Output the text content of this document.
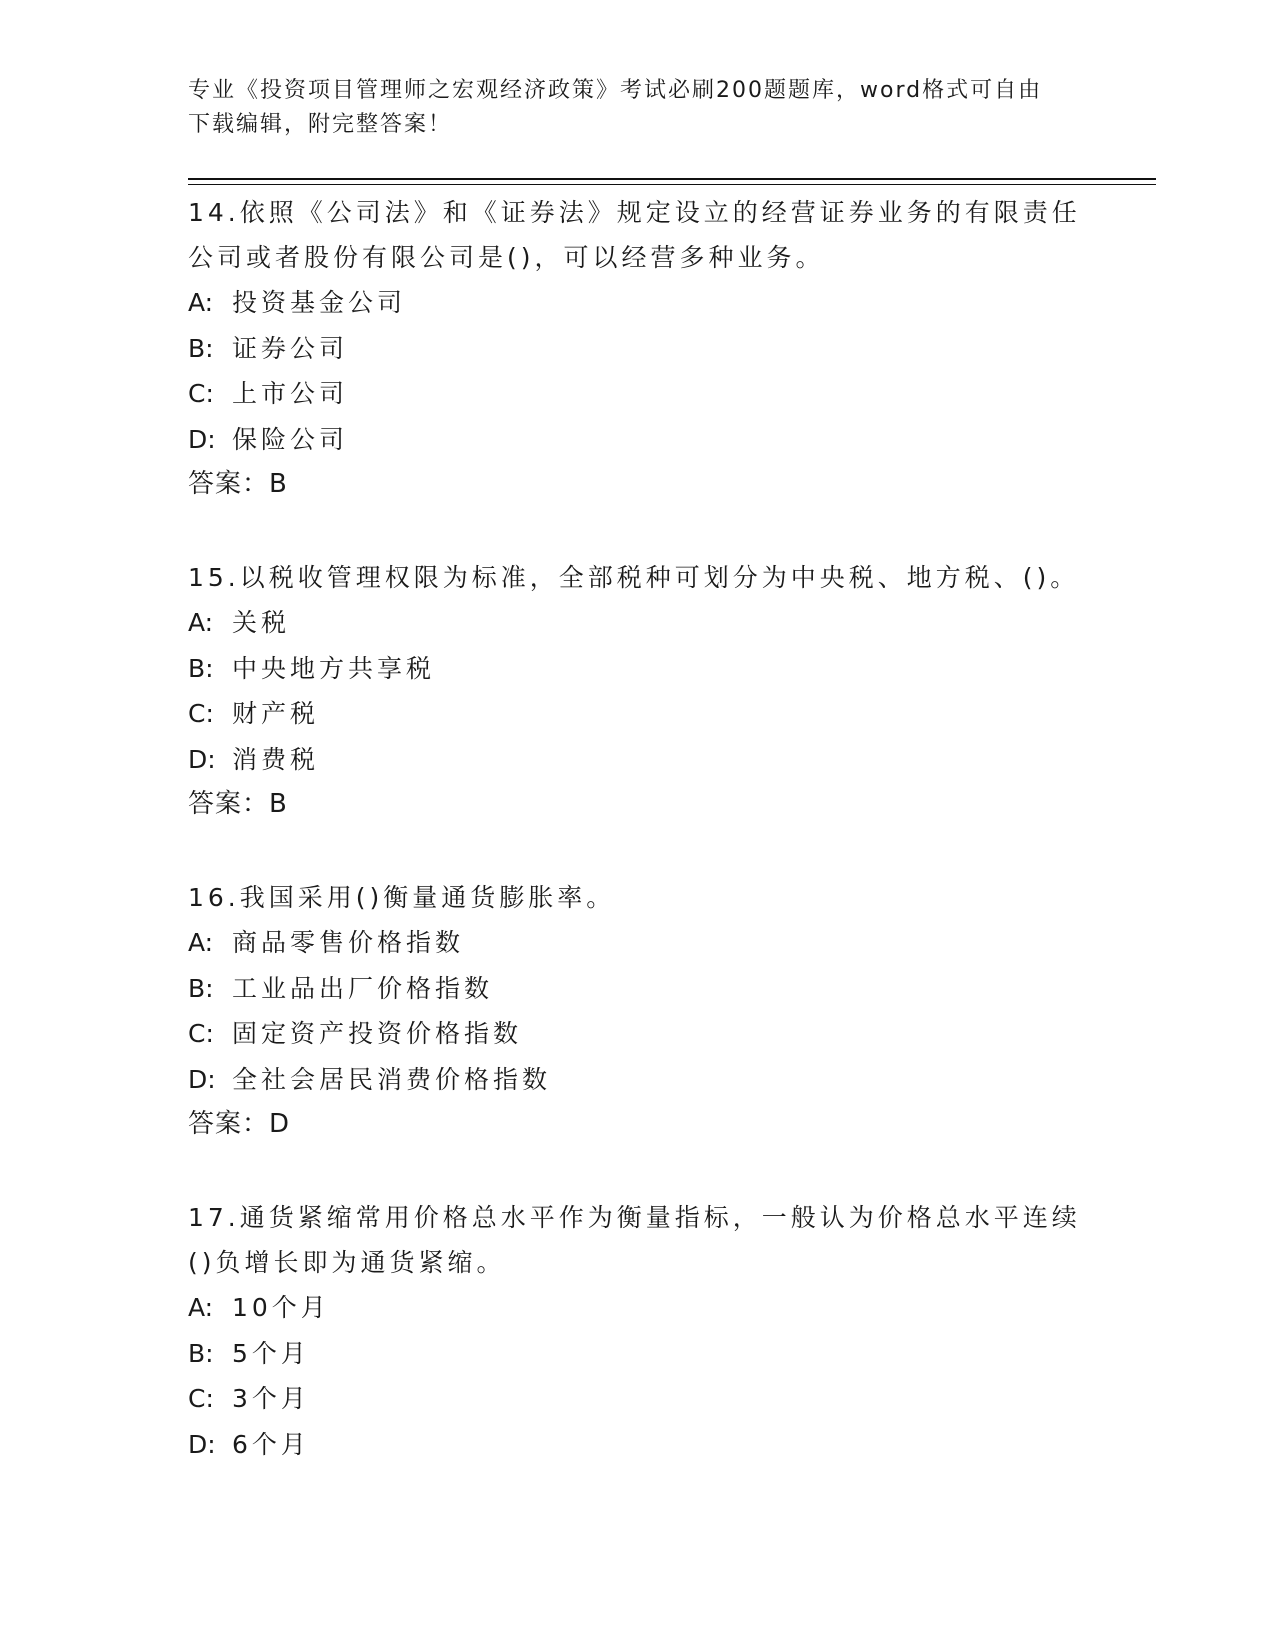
专业《投资项目管理师之宏观经济政策》考试必刷200题题库，word格式可自由
下载编辑，附完整答案！
14.依照《公司法》和《证券法》规定设立的经营证券业务的有限责任
公司或者股份有限公司是()，可以经营多种业务。
A: 投资基金公司
B: 证券公司
C: 上市公司
D: 保险公司
答案：B
15.以税收管理权限为标准，全部税种可划分为中央税、地方税、()。
A: 关税
B: 中央地方共享税
C: 财产税
D: 消费税
答案：B
16.我国采用()衡量通货膨胀率。
A: 商品零售价格指数
B: 工业品出厂价格指数
C: 固定资产投资价格指数
D: 全社会居民消费价格指数
答案：D
17.通货紧缩常用价格总水平作为衡量指标，一般认为价格总水平连续
()负增长即为通货紧缩。
A: 10个月
B: 5个月
C: 3个月
D: 6个月
